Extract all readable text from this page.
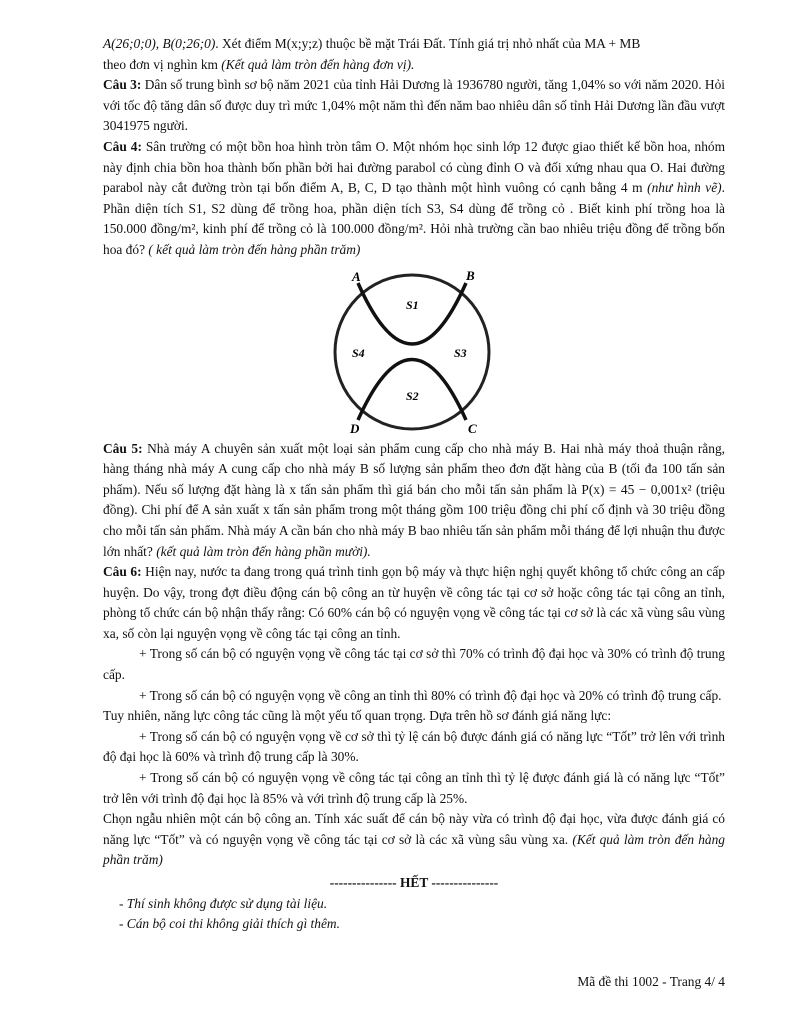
A(26;0;0), B(0;26;0). Xét điểm M(x;y;z) thuộc bề mặt Trái Đất. Tính giá trị nhỏ nhất của MA + MB
theo đơn vị nghìn km (Kết quả làm tròn đến hàng đơn vị).

Câu 3: Dân số trung bình sơ bộ năm 2021 của tỉnh Hải Dương là 1936780 người, tăng 1,04% so với năm 2020. Hỏi với tốc độ tăng dân số được duy trì mức 1,04% một năm thì đến năm bao nhiêu dân số tỉnh Hải Dương lần đầu vượt 3041975 người.

Câu 4: Sân trường có một bồn hoa hình tròn tâm O. Một nhóm học sinh lớp 12 được giao thiết kế bồn hoa, nhóm này định chia bồn hoa thành bốn phần bởi hai đường parabol có cùng đỉnh O và đối xứng nhau qua O. Hai đường parabol này cắt đường tròn tại bốn điểm A, B, C, D tạo thành một hình vuông có cạnh bằng 4 m (như hình vẽ). Phần diện tích S1, S2 dùng để trồng hoa, phần diện tích S3, S4 dùng để trồng cỏ . Biết kinh phí trồng hoa là 150.000 đồng/m², kinh phí để trồng cỏ là 100.000 đồng/m². Hỏi nhà trường cần bao nhiêu triệu đồng để trồng bốn hoa đó? ( kết quả làm tròn đến hàng phần trăm)

A	B
C
D
S1
S2
S3
S4

Câu 5: Nhà máy A chuyên sản xuất một loại sản phẩm cung cấp cho nhà máy B. Hai nhà máy thoả thuận rằng, hàng tháng nhà máy A cung cấp cho nhà máy B số lượng sản phẩm theo đơn đặt hàng của B (tối đa 100 tấn sản phẩm). Nếu số lượng đặt hàng là x tấn sản phẩm thì giá bán cho mỗi tấn sản phẩm là P(x) = 45 − 0,001x² (triệu đồng). Chi phí để A sản xuất x tấn sản phẩm trong một tháng gồm 100 triệu đồng chi phí cố định và 30 triệu đồng cho mỗi tấn sản phẩm. Nhà máy A cần bán cho nhà máy B bao nhiêu tấn sản phẩm mỗi tháng để lợi nhuận thu được lớn nhất? (kết quả làm tròn đến hàng phần mười).

Câu 6: Hiện nay, nước ta đang trong quá trình tinh gọn bộ máy và thực hiện nghị quyết không tổ chức công an cấp huyện. Do vậy, trong đợt điều động cán bộ công an từ huyện về công tác tại cơ sở hoặc công tác tại công an tỉnh, phòng tổ chức cán bộ nhận thấy rằng: Có 60% cán bộ có nguyện vọng về công tác tại cơ sở là các xã vùng sâu vùng xa, số còn lại nguyện vọng về công tác tại công an tỉnh.

+ Trong số cán bộ có nguyện vọng về công tác tại cơ sở thì 70% có trình độ đại học và 30% có trình độ trung cấp.

+ Trong số cán bộ có nguyện vọng về công an tỉnh thì 80% có trình độ đại học và 20% có trình độ trung cấp.

Tuy nhiên, năng lực công tác cũng là một yếu tố quan trọng. Dựa trên hồ sơ đánh giá năng lực:

+ Trong số cán bộ có nguyện vọng về cơ sở thì tỷ lệ cán bộ được đánh giá có năng lực “Tốt” trở lên với trình độ đại học là 60% và trình độ trung cấp là 30%.

+ Trong số cán bộ có nguyện vọng về công tác tại công an tỉnh thì tỷ lệ được đánh giá là có năng lực “Tốt” trở lên với trình độ đại học là 85% và với trình độ trung cấp là 25%.

Chọn ngẫu nhiên một cán bộ công an. Tính xác suất để cán bộ này vừa có trình độ đại học, vừa được đánh giá có năng lực “Tốt” và có nguyện vọng về công tác tại cơ sở là các xã vùng sâu vùng xa. (Kết quả làm tròn đến hàng phần trăm)

--------------- HẾT ---------------

- Thí sinh không được sử dụng tài liệu.

- Cán bộ coi thi không giải thích gì thêm.

Mã đề thi 1002 - Trang 4/ 4
